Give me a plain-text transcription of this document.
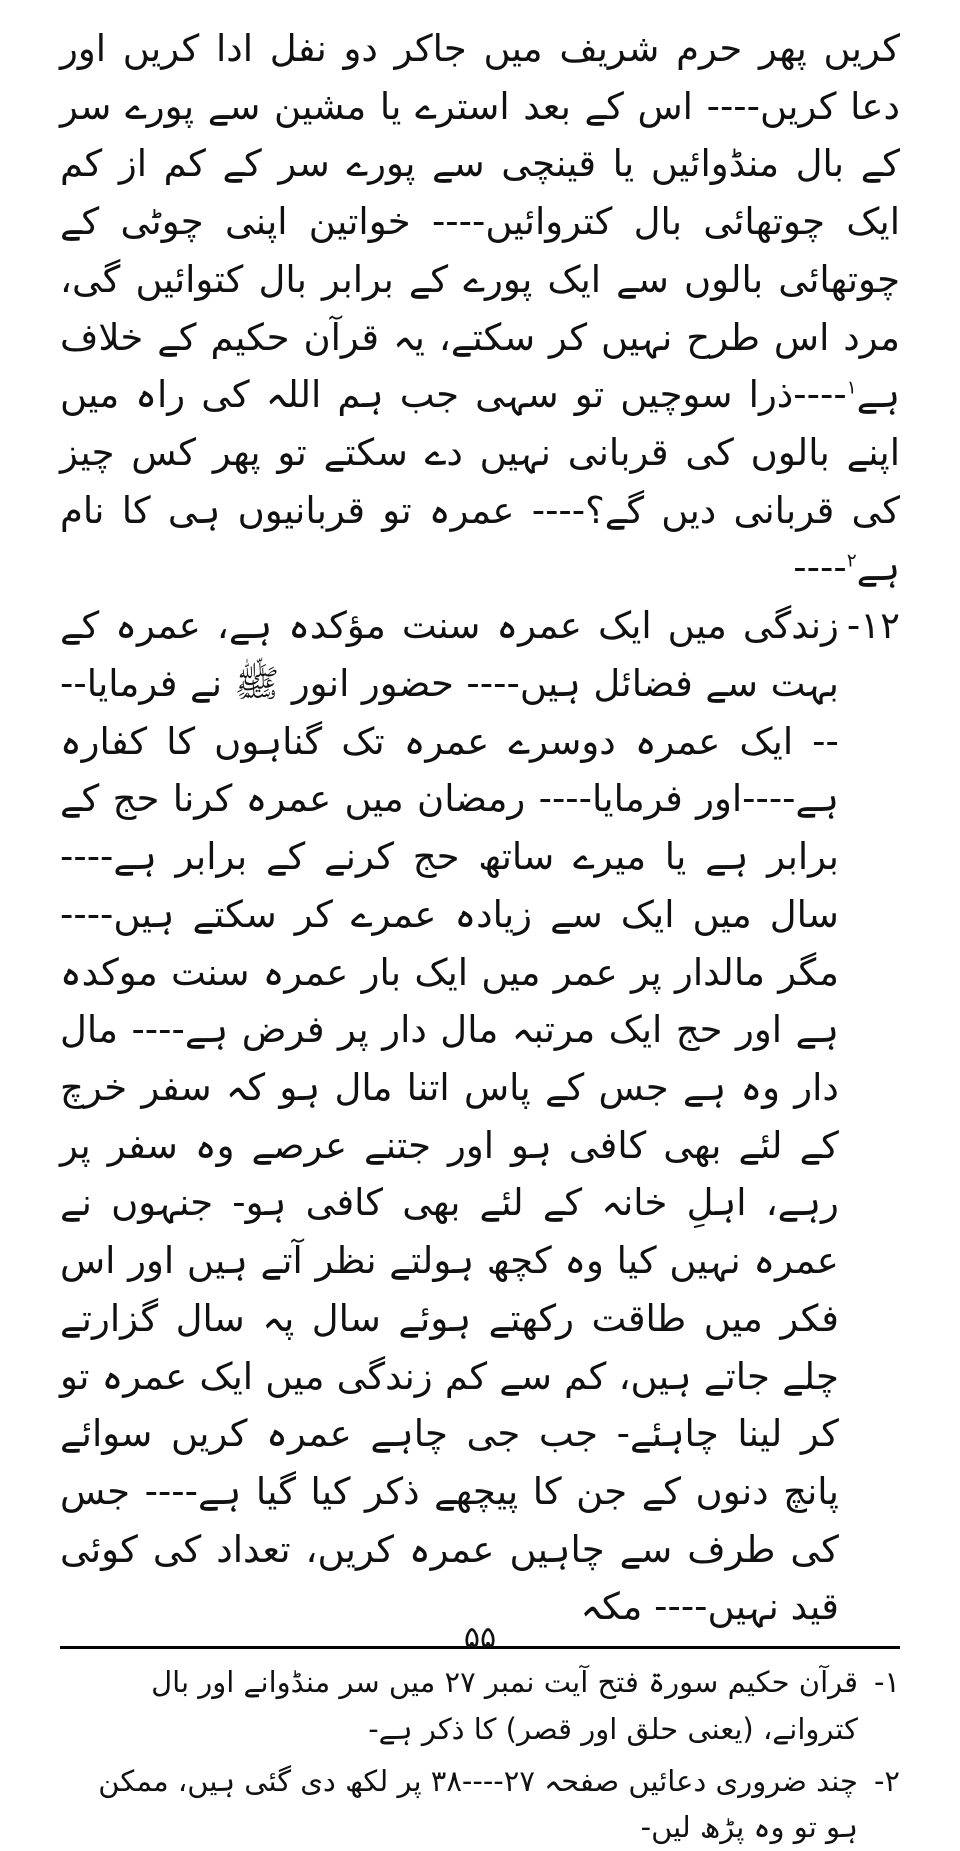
کریں پھر حرم شریف میں جاکر دو نفل ادا کریں اور دعا کریں---- اس کے بعد استرے یا مشین سے پورے سر کے بال منڈوائیں یا قینچی سے پورے سر کے کم از کم ایک چوتھائی بال کتروائیں---- خواتین اپنی چوٹی کے چوتھائی بالوں سے ایک پورے کے برابر بال کتوائیں گی، مرد اس طرح نہیں کر سکتے، یہ قرآن حکیم کے خلاف ہے$^۱$----ذرا سوچیں تو سہی جب ہم اللہ کی راہ میں اپنے بالوں کی قربانی نہیں دے سکتے تو پھر کس چیز کی قربانی دیں گے؟---- عمرہ تو قربانیوں ہی کا نام ہے$^۲$----

۱۲-
زندگی میں ایک عمرہ سنت مؤکدہ ہے، عمرہ کے بہت سے فضائل ہیں---- حضور انور ﷺ نے فرمایا---- ایک عمرہ دوسرے عمرہ تک گناہوں کا کفارہ ہے----اور فرمایا---- رمضان میں عمرہ کرنا حج کے برابر ہے یا میرے ساتھ حج کرنے کے برابر ہے---- سال میں ایک سے زیادہ عمرے کر سکتے ہیں---- مگر مالدار پر عمر میں ایک بار عمرہ سنت موکدہ ہے اور حج ایک مرتبہ مال دار پر فرض ہے---- مال دار وہ ہے جس کے پاس اتنا مال ہو کہ سفر خرچ کے لئے بھی کافی ہو اور جتنے عرصے وہ سفر پر رہے، اہلِ خانہ کے لئے بھی کافی ہو- جنہوں نے عمرہ نہیں کیا وہ کچھ ہولتے نظر آتے ہیں اور اس فکر میں طاقت رکھتے ہوئے سال پہ سال گزارتے چلے جاتے ہیں، کم سے کم زندگی میں ایک عمرہ تو کر لینا چاہئے- جب جی چاہے عمرہ کریں سوائے پانچ دنوں کے جن کا پیچھے ذکر کیا گیا ہے---- جس کی طرف سے چاہیں عمرہ کریں، تعداد کی کوئی قید نہیں---- مکہ
۱-
قرآن حکیم سورۃ فتح آیت نمبر ۲۷ میں سر منڈوانے اور بال کتروانے، (یعنی حلق اور قصر) کا ذکر ہے-
۲-
چند ضروری دعائیں صفحہ ۲۷----۳۸ پر لکھ دی گئی ہیں، ممکن ہو تو وہ پڑھ لیں-
۵۵
